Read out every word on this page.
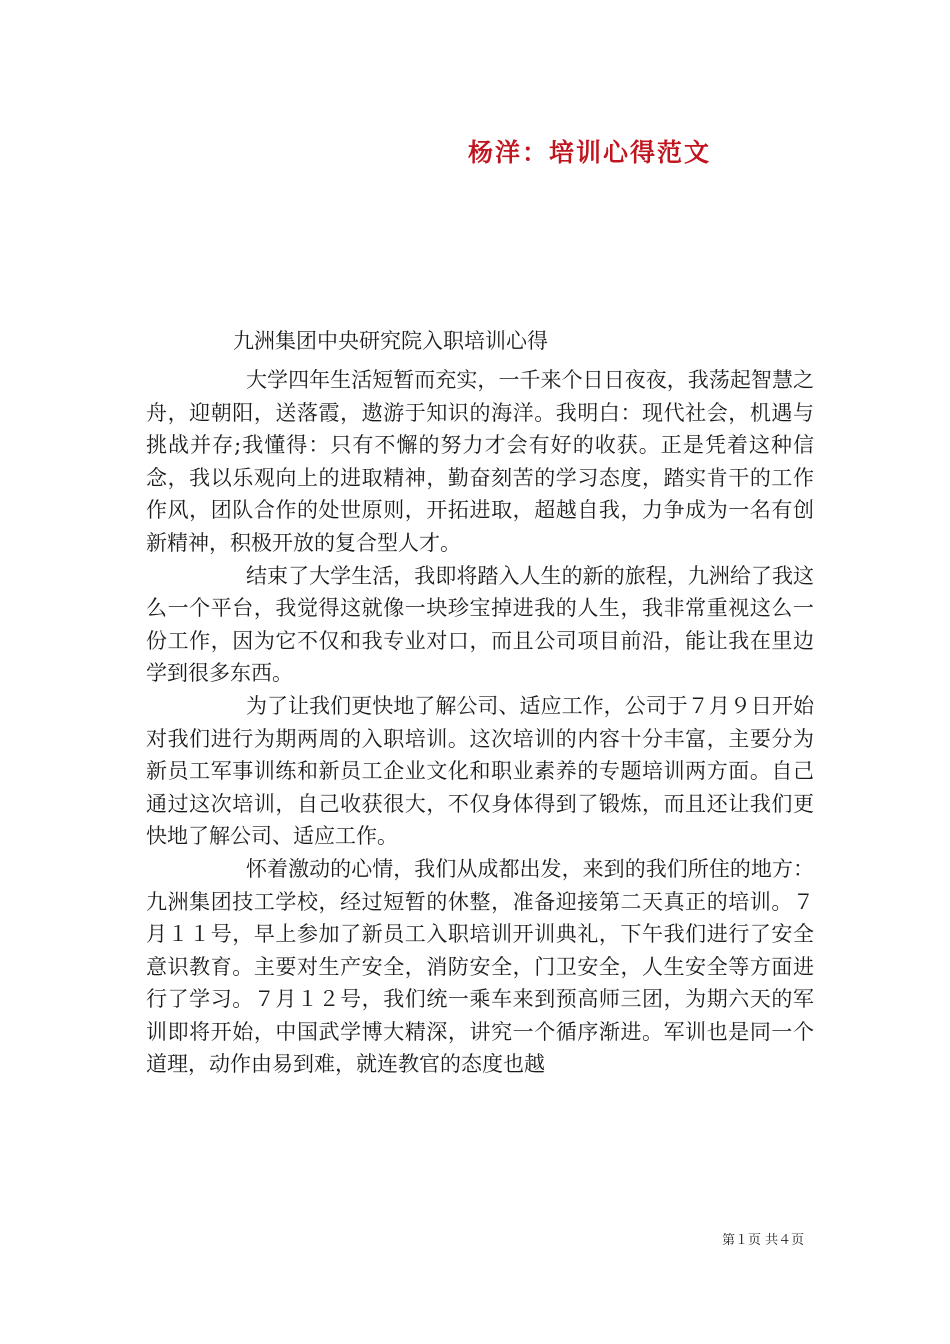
杨洋：培训心得范文

九洲集团中央研究院入职培训心得

大学四年生活短暂而充实，一千来个日日夜夜，我荡起智慧之舟，迎朝阳，送落霞，遨游于知识的海洋。我明白：现代社会，机遇与挑战并存;我懂得：只有不懈的努力才会有好的收获。正是凭着这种信念，我以乐观向上的进取精神，勤奋刻苦的学习态度，踏实肯干的工作作风，团队合作的处世原则，开拓进取，超越自我，力争成为一名有创新精神，积极开放的复合型人才。

结束了大学生活，我即将踏入人生的新的旅程，九洲给了我这么一个平台，我觉得这就像一块珍宝掉进我的人生，我非常重视这么一份工作，因为它不仅和我专业对口，而且公司项目前沿，能让我在里边学到很多东西。

为了让我们更快地了解公司、适应工作，公司于７月９日开始对我们进行为期两周的入职培训。这次培训的内容十分丰富，主要分为新员工军事训练和新员工企业文化和职业素养的专题培训两方面。自己通过这次培训，自己收获很大，不仅身体得到了锻炼，而且还让我们更快地了解公司、适应工作。

怀着激动的心情，我们从成都出发，来到的我们所住的地方：九洲集团技工学校，经过短暂的休整，准备迎接第二天真正的培训。７月１１号，早上参加了新员工入职培训开训典礼，下午我们进行了安全意识教育。主要对生产安全，消防安全，门卫安全，人生安全等方面进行了学习。７月１２号，我们统一乘车来到预高师三团，为期六天的军训即将开始，中国武学博大精深，讲究一个循序渐进。军训也是同一个道理，动作由易到难，就连教官的态度也越

第１页 共４页
